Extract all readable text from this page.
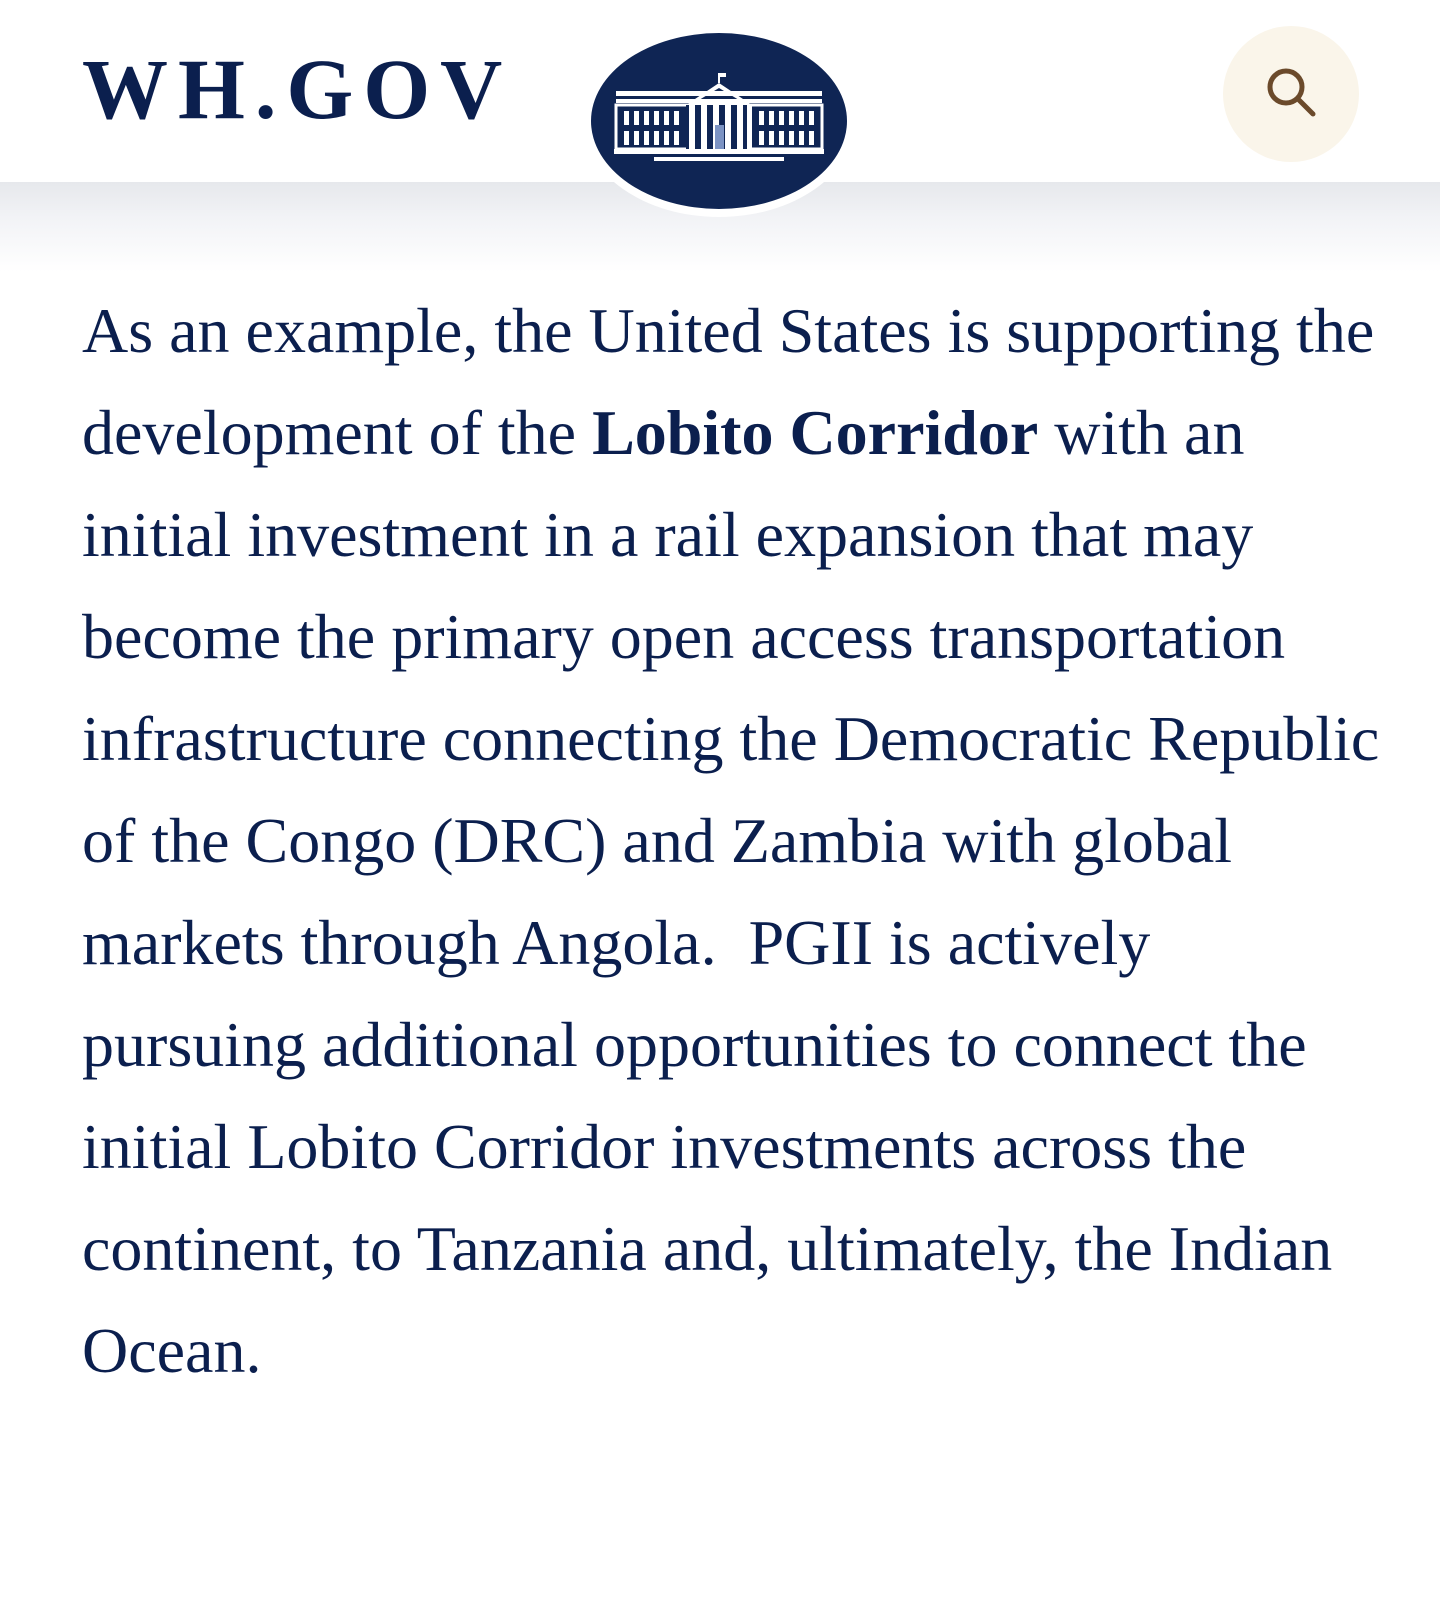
WH.GOV
As an example, the United States is supporting the development of the Lobito Corridor with an initial investment in a rail expansion that may become the primary open access transportation infrastructure connecting the Democratic Republic of the Congo (DRC) and Zambia with global markets through Angola.  PGII is actively pursuing additional opportunities to connect the initial Lobito Corridor investments across the continent, to Tanzania and, ultimately, the Indian Ocean.
